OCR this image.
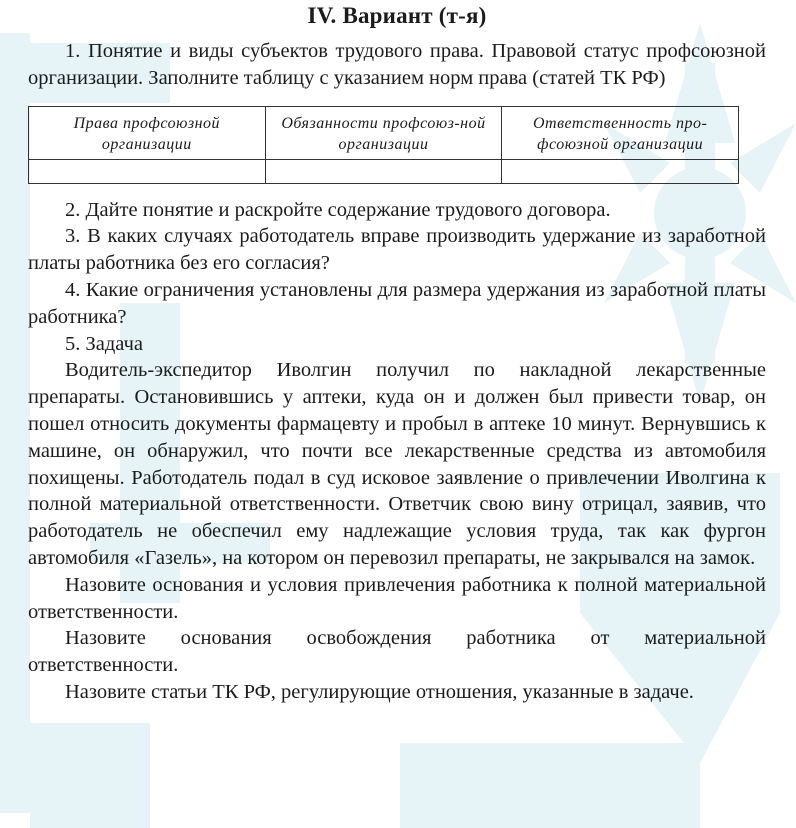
IV. Вариант (т-я)

1. Понятие и виды субъектов трудового права. Правовой статус профсоюзной организации. Заполните таблицу с указанием норм права (статей ТК РФ)

Права профсоюзной организации	Обязанности профсоюз-ной организации	Ответственность про-фсоюзной организации

2. Дайте понятие и раскройте содержание трудового договора.

3. В каких случаях работодатель вправе производить удержание из заработной платы работника без его согласия?

4. Какие ограничения установлены для размера удержания из заработной платы работника?

5. Задача

Водитель-экспедитор Иволгин получил по накладной лекарственные препараты. Остановившись у аптеки, куда он и должен был привести товар, он пошел относить документы фармацевту и пробыл в аптеке 10 минут. Вернувшись к машине, он обнаружил, что почти все лекарственные средства из автомобиля похищены. Работодатель подал в суд исковое заявление о привлечении Иволгина к полной материальной ответственности. Ответчик свою вину отрицал, заявив, что работодатель не обеспечил ему надлежащие условия труда, так как фургон автомобиля «Газель», на котором он перевозил препараты, не закрывался на замок.

Назовите основания и условия привлечения работника к полной материальной ответственности.

Назовите основания освобождения работника от материальной ответственности.

Назовите статьи ТК РФ, регулирующие отношения, указанные в задаче.
